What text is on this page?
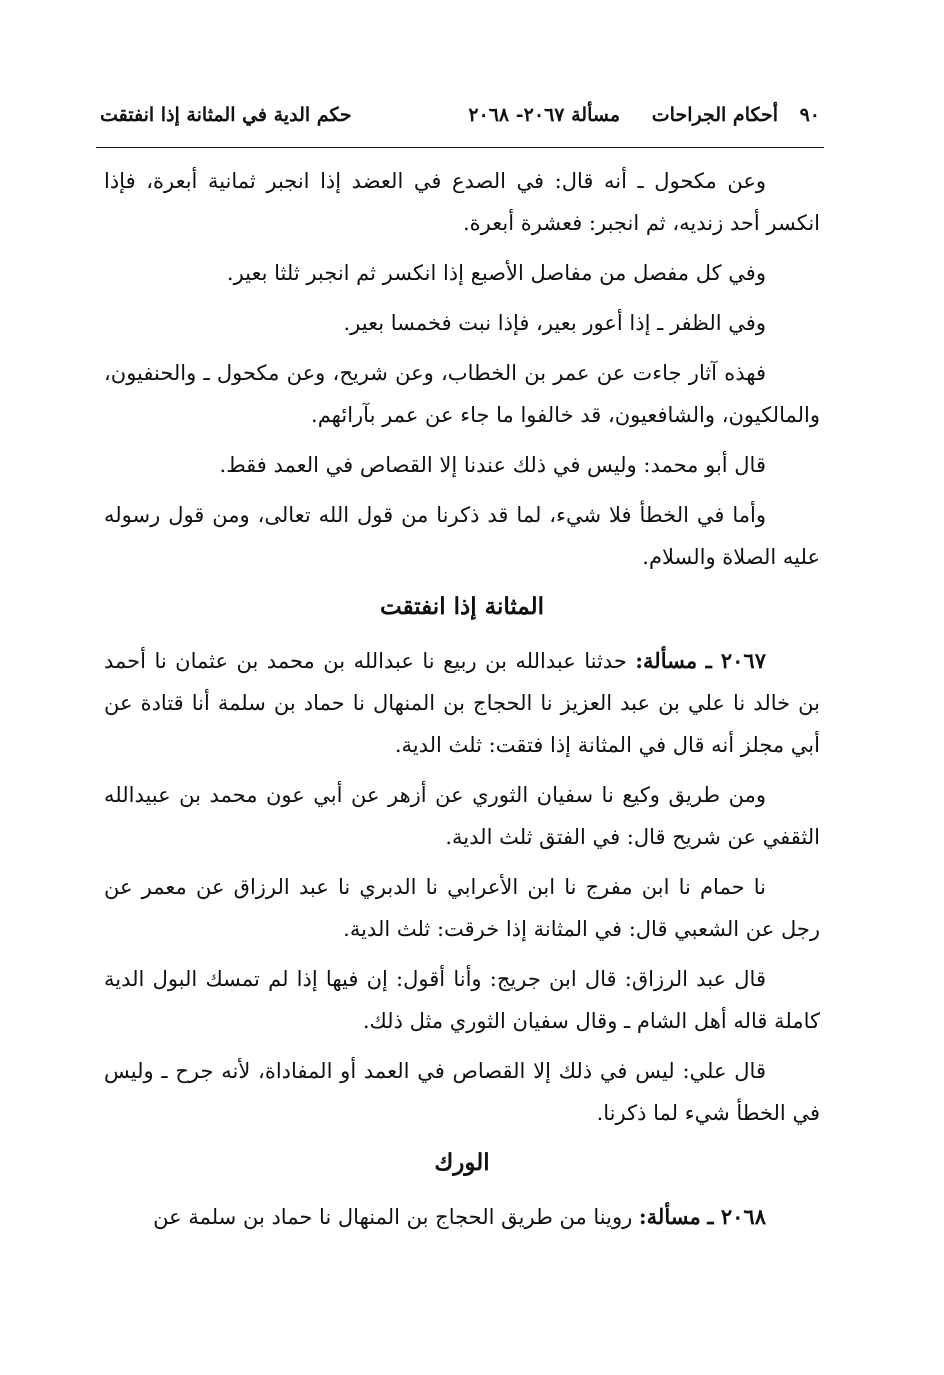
٩٠
أحكام الجراحات
مسألة ٢٠٦٧- ٢٠٦٨
حكم الدية في المثانة إذا انفتقت

وعن مكحول ـ أنه قال: في الصدع في العضد إذا انجبر ثمانية أبعرة، فإذا انكسر أحد زنديه، ثم انجبر: فعشرة أبعرة.

وفي كل مفصل من مفاصل الأصبع إذا انكسر ثم انجبر ثلثا بعير.

وفي الظفر ـ إذا أعور بعير، فإذا نبت فخمسا بعير.

فهذه آثار جاءت عن عمر بن الخطاب، وعن شريح، وعن مكحول ـ والحنفيون، والمالكيون، والشافعيون، قد خالفوا ما جاء عن عمر بآرائهم.

قال أبو محمد: وليس في ذلك عندنا إلا القصاص في العمد فقط.

وأما في الخطأ فلا شيء، لما قد ذكرنا من قول الله تعالى، ومن قول رسوله عليه الصلاة والسلام.

المثانة إذا انفتقت

٢٠٦٧ ـ مسألة: حدثنا عبدالله بن ربيع نا عبدالله بن محمد بن عثمان نا أحمد بن خالد نا علي بن عبد العزيز نا الحجاج بن المنهال نا حماد بن سلمة أنا قتادة عن أبي مجلز أنه قال في المثانة إذا فتقت: ثلث الدية.

ومن طريق وكيع نا سفيان الثوري عن أزهر عن أبي عون محمد بن عبيدالله الثقفي عن شريح قال: في الفتق ثلث الدية.

نا حمام نا ابن مفرج نا ابن الأعرابي نا الدبري نا عبد الرزاق عن معمر عن رجل عن الشعبي قال: في المثانة إذا خرقت: ثلث الدية.

قال عبد الرزاق: قال ابن جريج: وأنا أقول: إن فيها إذا لم تمسك البول الدية كاملة قاله أهل الشام ـ وقال سفيان الثوري مثل ذلك.

قال علي: ليس في ذلك إلا القصاص في العمد أو المفاداة، لأنه جرح ـ وليس في الخطأ شيء لما ذكرنا.

الورك

٢٠٦٨ ـ مسألة: روينا من طريق الحجاج بن المنهال نا حماد بن سلمة عن
